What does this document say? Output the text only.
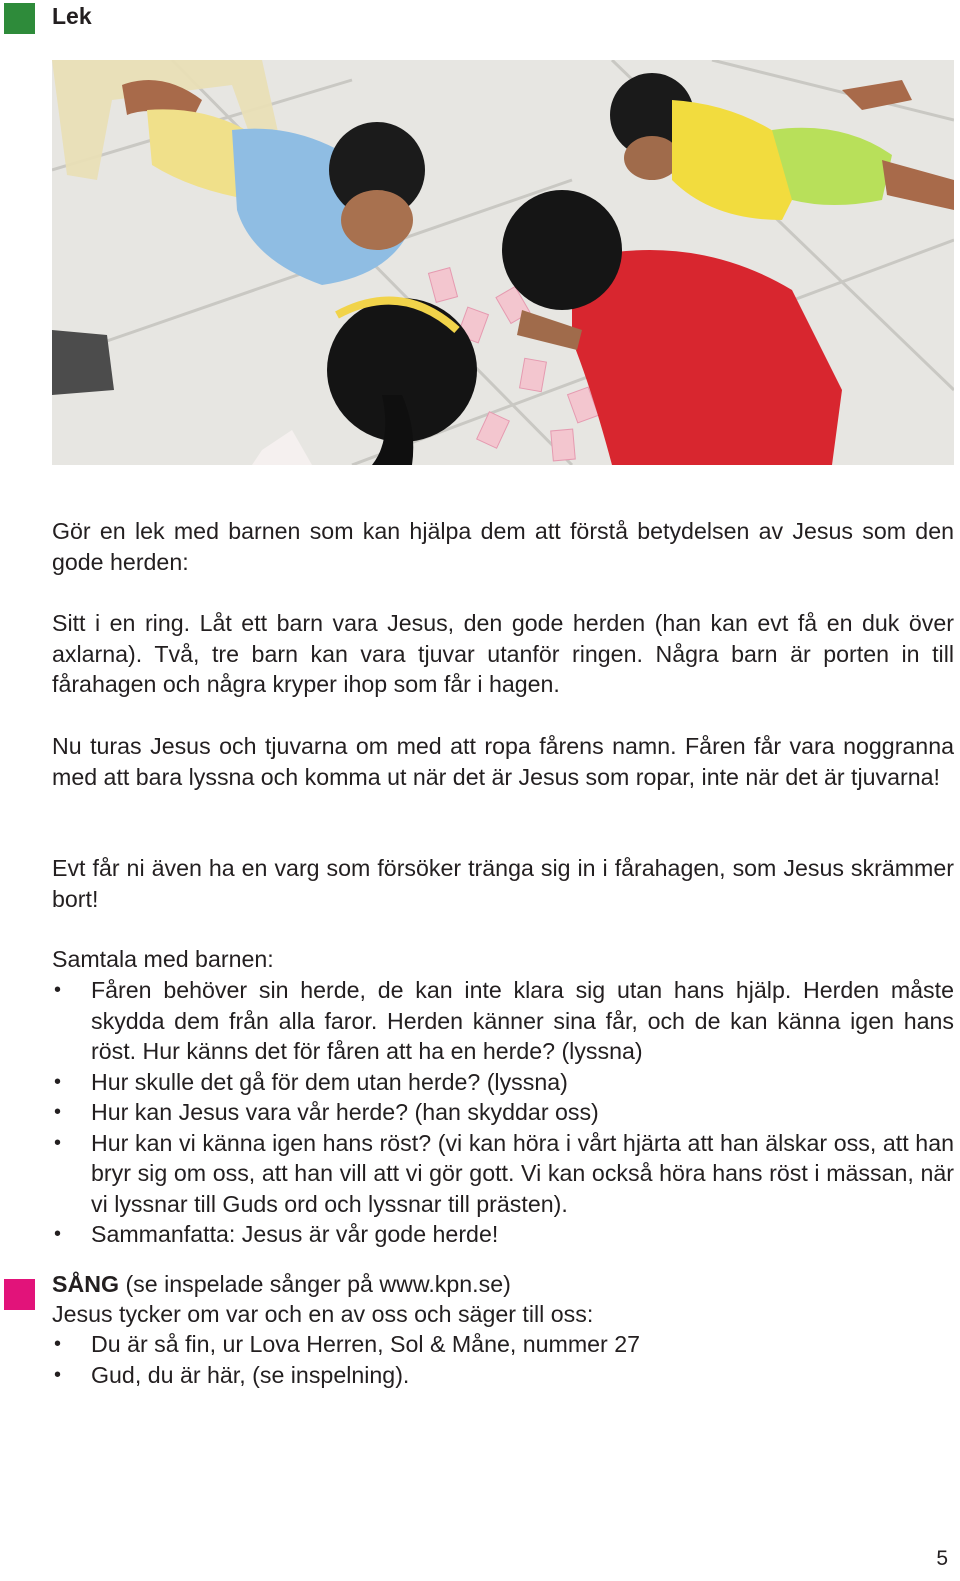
Lek

Gör en lek med barnen som kan hjälpa dem att förstå betydelsen av Jesus som den gode herden:

Sitt i en ring. Låt ett barn vara Jesus, den gode herden (han kan evt få en duk över axlarna). Två, tre barn kan vara tjuvar utanför ringen. Några barn är porten in till fårahagen och några kryper ihop som får i hagen.

Nu turas Jesus och tjuvarna om med att ropa fårens namn. Fåren får vara noggranna med att bara lyssna och komma ut när det är Jesus som ropar, inte när det är tjuvarna!

Evt får ni även ha en varg som försöker tränga sig in i fårahagen, som Jesus skrämmer bort!

Samtala med barnen:

• Fåren behöver sin herde, de kan inte klara sig utan hans hjälp. Herden måste skydda dem från alla faror. Herden känner sina får, och de kan känna igen hans röst. Hur känns det för fåren att ha en herde? (lyssna)
• Hur skulle det gå för dem utan herde? (lyssna)
• Hur kan Jesus vara vår herde? (han skyddar oss)
• Hur kan vi känna igen hans röst? (vi kan höra i vårt hjärta att han älskar oss, att han bryr sig om oss, att han vill att vi gör gott. Vi kan också höra hans röst i mässan, när vi lyssnar till Guds ord och lyssnar till prästen).
• Sammanfatta: Jesus är vår gode herde!

SÅNG (se inspelade sånger på www.kpn.se)

Jesus tycker om var och en av oss och säger till oss:

• Du är så fin, ur Lova Herren, Sol & Måne, nummer 27
• Gud, du är här, (se inspelning).
5
